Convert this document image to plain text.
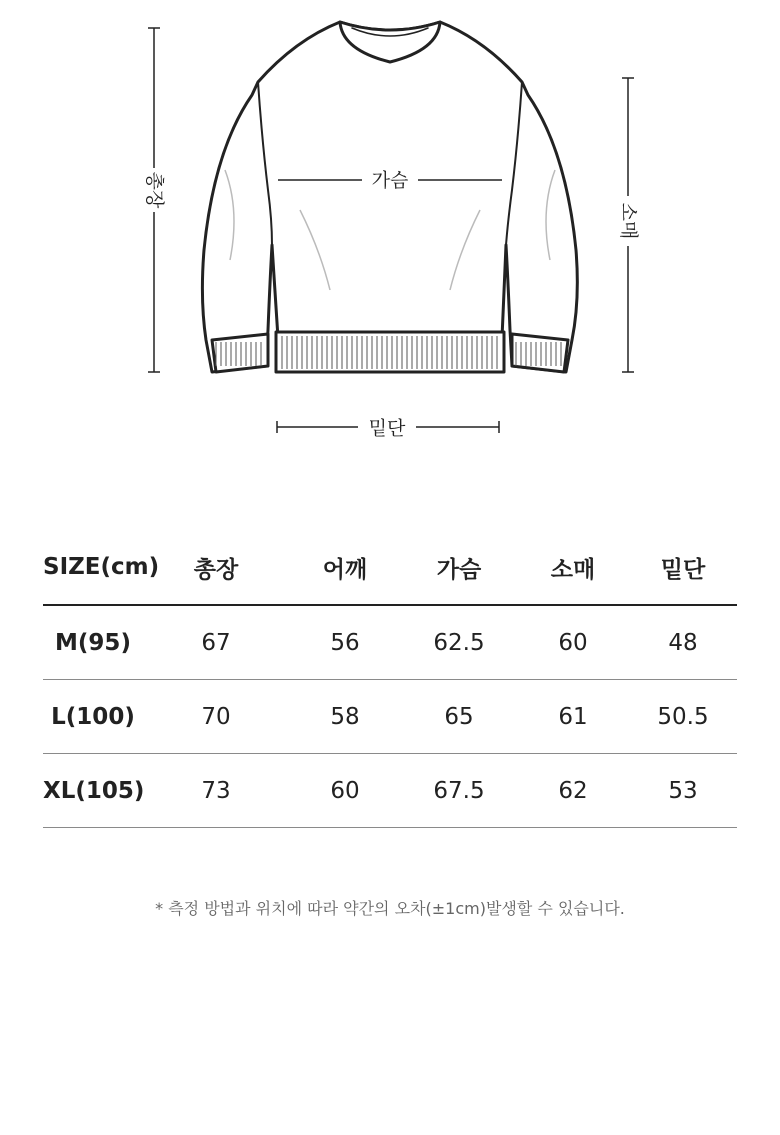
총장	가슴
소매
밑단
SIZE(cm)	총장	어깨	가슴	소매	밑단
M(95)	67	56	62.5	60	48
L(100)	70	58	65	61	50.5
XL(105)	73	60	67.5	62	53
* 측정 방법과 위치에 따라 약간의 오차(±1cm)발생할 수 있습니다.
